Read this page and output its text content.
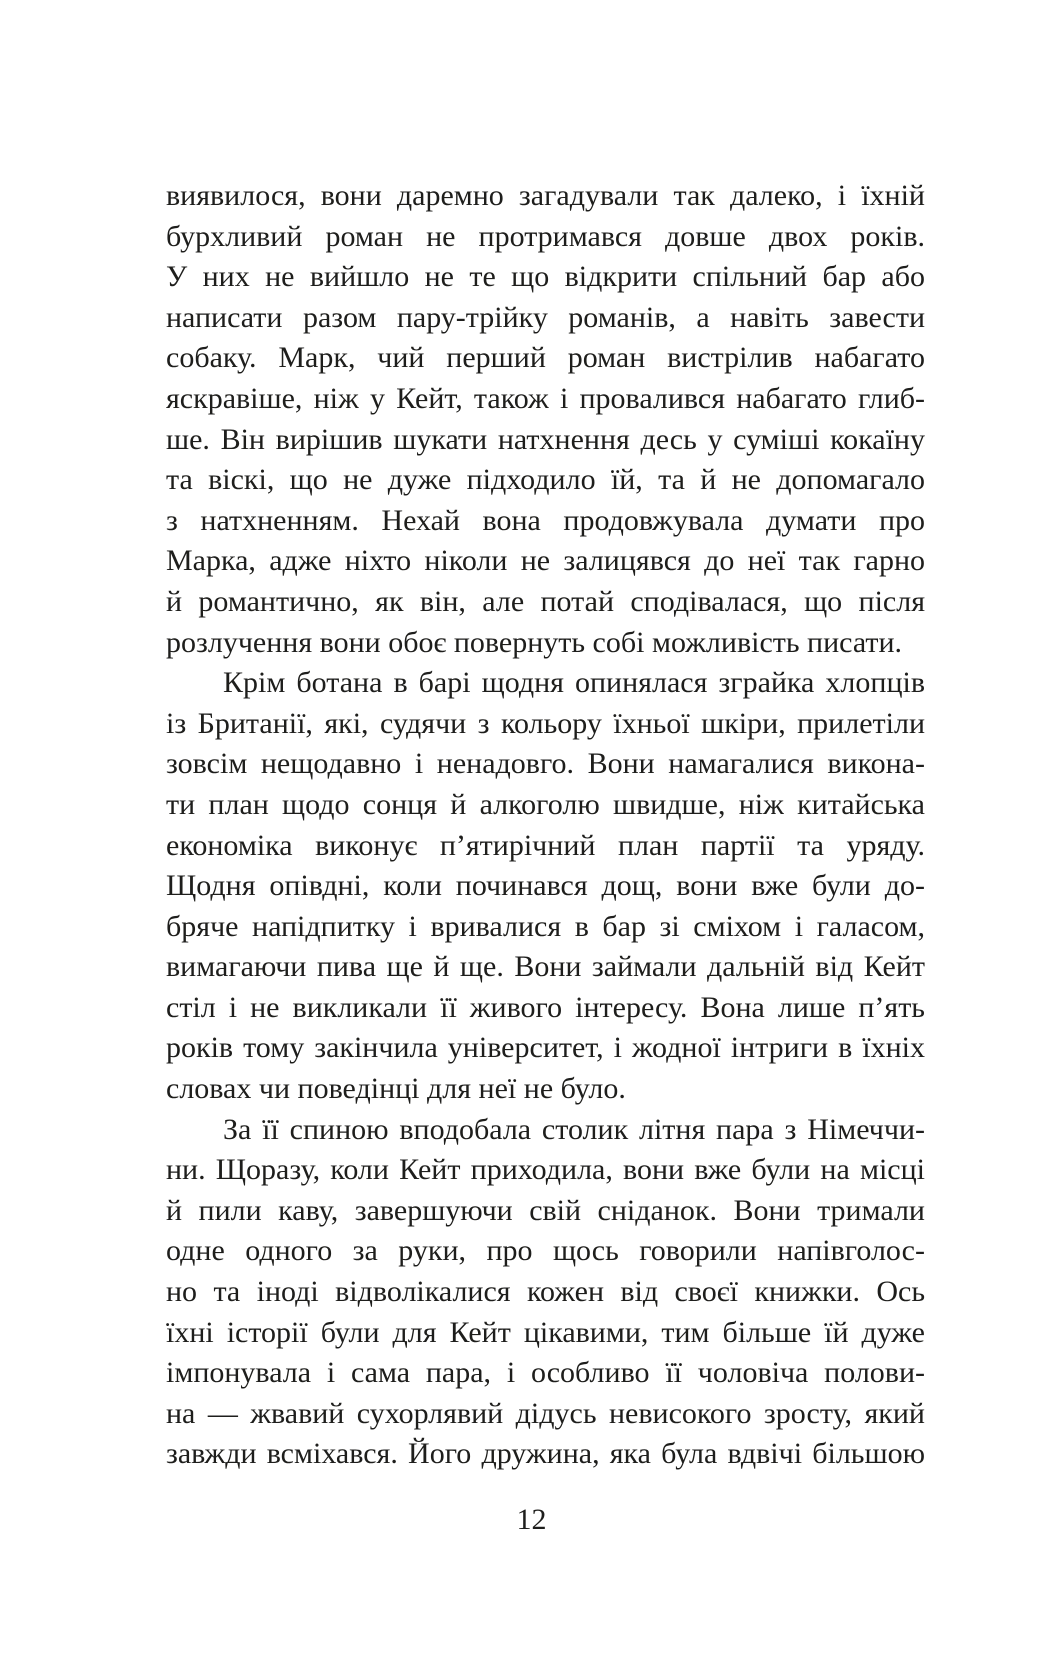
виявилося, вони даремно загадували так далеко, і їхній
бурхливий роман не протримався довше двох років.
У них не вийшло не те що відкрити спільний бар або
написати разом пару-трійку романів, а навіть завести
собаку. Марк, чий перший роман вистрілив набагато
яскравіше, ніж у Кейт, також і провалився набагато глиб-
ше. Він вирішив шукати натхнення десь у суміші кокаїну
та віскі, що не дуже підходило їй, та й не допомагало
з натхненням. Нехай вона продовжувала думати про
Марка, адже ніхто ніколи не залицявся до неї так гарно
й романтично, як він, але потай сподівалася, що після
розлучення вони обоє повернуть собі можливість писати.
Крім ботана в барі щодня опинялася зграйка хлопців
із Британії, які, судячи з кольору їхньої шкіри, прилетіли
зовсім нещодавно і ненадовго. Вони намагалися викона-
ти план щодо сонця й алкоголю швидше, ніж китайська
економіка виконує п’ятирічний план партії та уряду.
Щодня опівдні, коли починався дощ, вони вже були до-
бряче напідпитку і вривалися в бар зі сміхом і галасом,
вимагаючи пива ще й ще. Вони займали дальній від Кейт
стіл і не викликали її живого інтересу. Вона лише п’ять
років тому закінчила університет, і жодної інтриги в їхніх
словах чи поведінці для неї не було.
За її спиною вподобала столик літня пара з Німеччи-
ни. Щоразу, коли Кейт приходила, вони вже були на місці
й пили каву, завершуючи свій сніданок. Вони тримали
одне одного за руки, про щось говорили напівголос-
но та іноді відволікалися кожен від своєї книжки. Ось
їхні історії були для Кейт цікавими, тим більше їй дуже
імпонувала і сама пара, і особливо її чоловіча полови-
на — жвавий сухорлявий дідусь невисокого зросту, який
завжди всміхався. Його дружина, яка була вдвічі більшою
12
